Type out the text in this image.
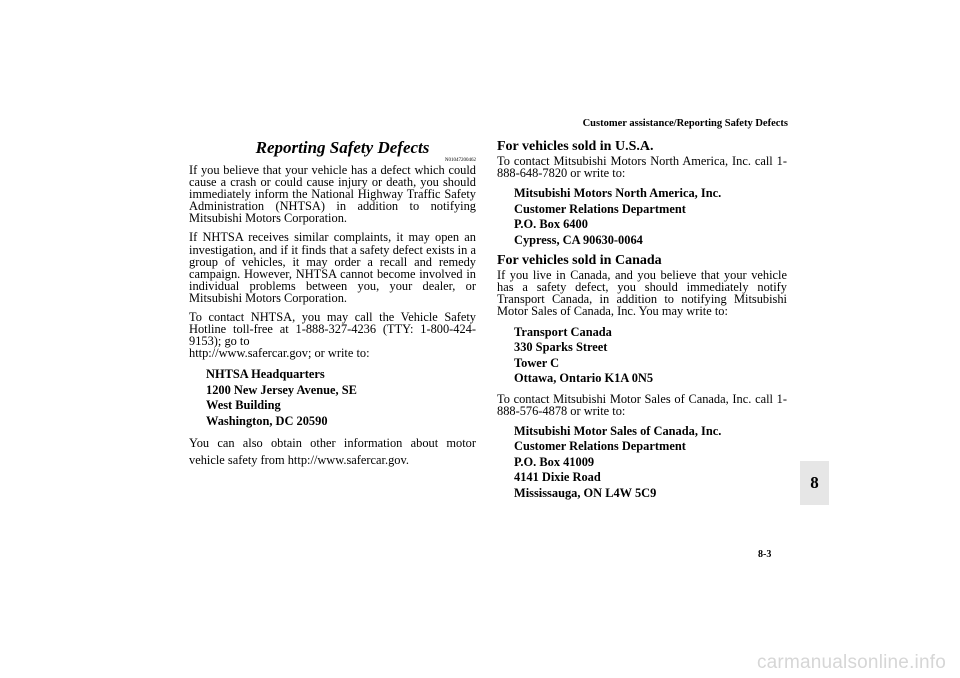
Customer assistance/Reporting Safety Defects
Reporting Safety Defects
N01047200462

If you believe that your vehicle has a defect which could cause a crash or could cause injury or death, you should immediately inform the National Highway Traffic Safety Administration (NHTSA) in addition to notifying Mitsubishi Motors Corporation.

If NHTSA receives similar complaints, it may open an investigation, and if it finds that a safety defect exists in a group of vehicles, it may order a recall and remedy campaign. However, NHTSA cannot become involved in individual problems between you, your dealer, or Mitsubishi Motors Corporation.

To contact NHTSA, you may call the Vehicle Safety Hotline toll-free at 1-888-327-4236 (TTY: 1-800-424-9153); go to
http://www.safercar.gov; or write to:

NHTSA Headquarters
1200 New Jersey Avenue, SE
West Building
Washington, DC 20590

You can also obtain other information about motor vehicle safety from http://www.safercar.gov.

For vehicles sold in U.S.A.

To contact Mitsubishi Motors North America, Inc. call 1-888-648-7820 or write to:

Mitsubishi Motors North America, Inc.
Customer Relations Department
P.O. Box 6400
Cypress, CA 90630-0064
For vehicles sold in Canada

If you live in Canada, and you believe that your vehicle has a safety defect, you should immediately notify Transport Canada, in addition to notifying Mitsubishi Motor Sales of Canada, Inc. You may write to:

Transport Canada
330 Sparks Street
Tower C
Ottawa, Ontario K1A 0N5

To contact Mitsubishi Motor Sales of Canada, Inc. call 1-888-576-4878 or write to:

Mitsubishi Motor Sales of Canada, Inc.
Customer Relations Department
P.O. Box 41009
4141 Dixie Road
Mississauga, ON L4W 5C9
8
8-3
carmanualsonline.info
